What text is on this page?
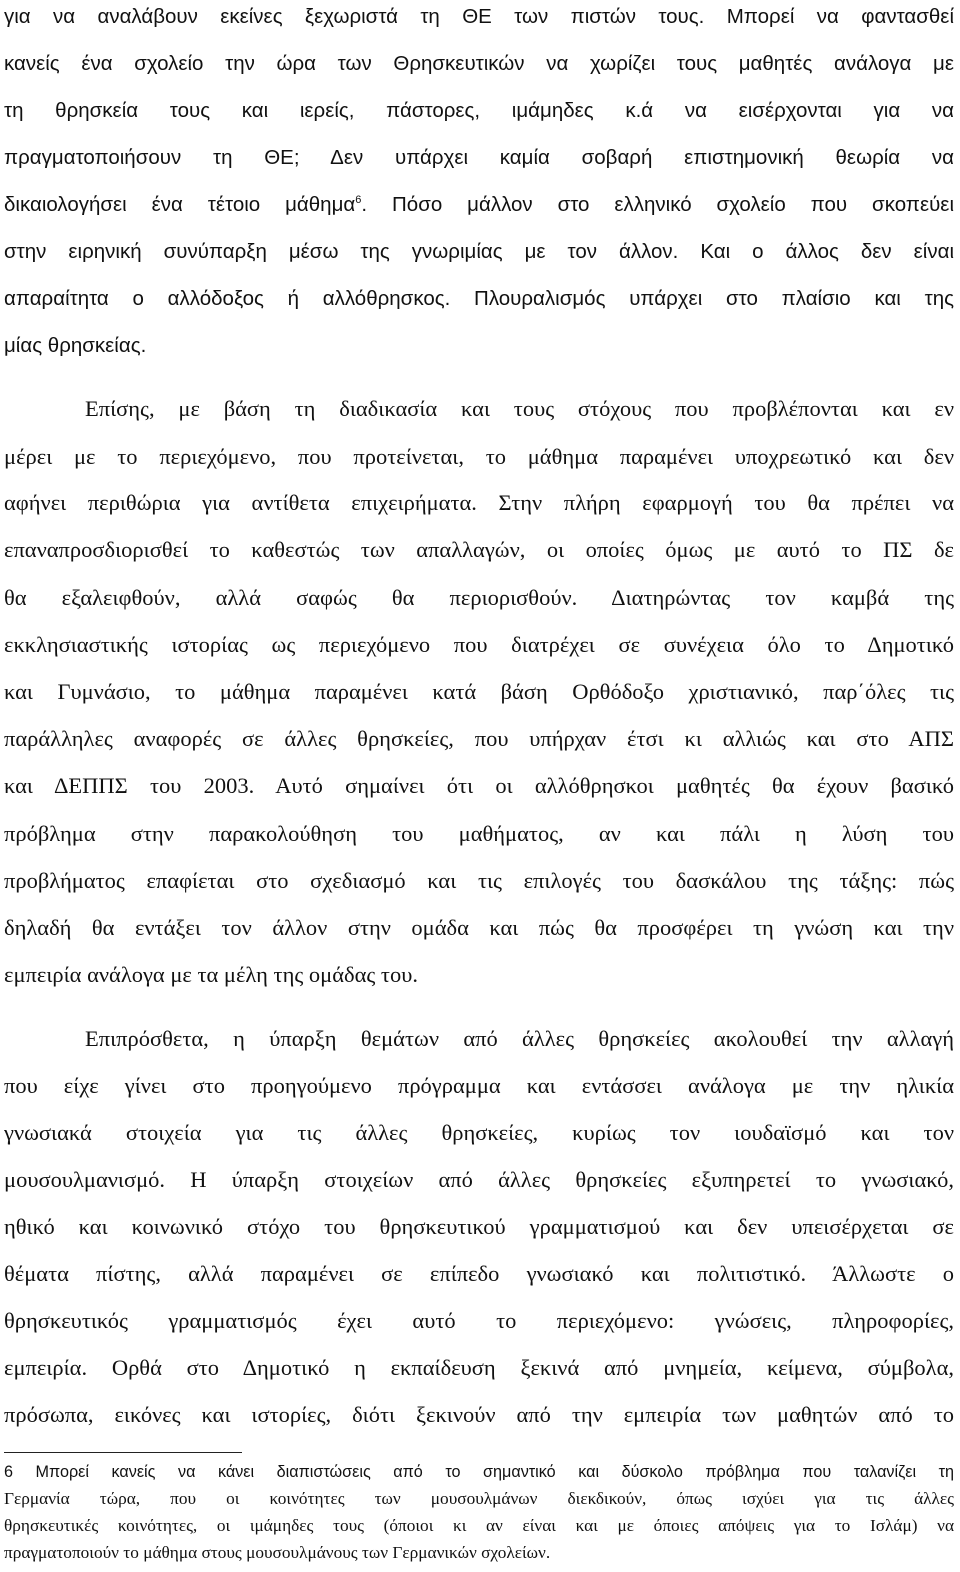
για να αναλάβουν εκείνες ξεχωριστά τη ΘΕ των πιστών τους. Μπορεί να φαντασθεί
κανείς ένα σχολείο την ώρα των Θρησκευτικών να χωρίζει τους μαθητές ανάλογα με
τη θρησκεία τους και ιερείς, πάστορες, ιμάμηδες κ.ά να εισέρχονται για να
πραγματοποιήσουν τη ΘΕ; Δεν υπάρχει καμία σοβαρή επιστημονική θεωρία να
δικαιολογήσει ένα τέτοιο μάθημα$^6$. Πόσο μάλλον στο ελληνικό σχολείο που σκοπεύει
στην ειρηνική συνύπαρξη μέσω της γνωριμίας με τον άλλον. Και ο άλλος δεν είναι
απαραίτητα ο αλλόδοξος ή αλλόθρησκος. Πλουραλισμός υπάρχει στο πλαίσιο και της
μίας θρησκείας.
Επίσης, με βάση τη διαδικασία και τους στόχους που προβλέπονται και εν
μέρει με το περιεχόμενο, που προτείνεται, το μάθημα παραμένει υποχρεωτικό και δεν
αφήνει περιθώρια για αντίθετα επιχειρήματα. Στην πλήρη εφαρμογή του θα πρέπει να
επαναπροσδιορισθεί το καθεστώς των απαλλαγών, οι οποίες όμως με αυτό το ΠΣ δε
θα εξαλειφθούν, αλλά σαφώς θα περιορισθούν. Διατηρώντας τον καμβά της
εκκλησιαστικής ιστορίας ως περιεχόμενο που διατρέχει σε συνέχεια όλο το Δημοτικό
και Γυμνάσιο, το μάθημα παραμένει κατά βάση Ορθόδοξο χριστιανικό, παρ΄όλες τις
παράλληλες αναφορές σε άλλες θρησκείες, που υπήρχαν έτσι κι αλλιώς και στο ΑΠΣ
και ΔΕΠΠΣ του 2003. Αυτό σημαίνει ότι οι αλλόθρησκοι μαθητές θα έχουν βασικό
πρόβλημα στην παρακολούθηση του μαθήματος, αν και πάλι η λύση του
προβλήματος επαφίεται στο σχεδιασμό και τις επιλογές του δασκάλου της τάξης: πώς
δηλαδή θα εντάξει τον άλλον στην ομάδα και πώς θα προσφέρει τη γνώση και την
εμπειρία ανάλογα με τα μέλη της ομάδας του.
Επιπρόσθετα, η ύπαρξη θεμάτων από άλλες θρησκείες ακολουθεί την αλλαγή
που είχε γίνει στο προηγούμενο πρόγραμμα και εντάσσει ανάλογα με την ηλικία
γνωσιακά στοιχεία για τις άλλες θρησκείες, κυρίως τον ιουδαϊσμό και τον
μουσουλμανισμό. Η ύπαρξη στοιχείων από άλλες θρησκείες εξυπηρετεί το γνωσιακό,
ηθικό και κοινωνικό στόχο του θρησκευτικού γραμματισμού και δεν υπεισέρχεται σε
θέματα πίστης, αλλά παραμένει σε επίπεδο γνωσιακό και πολιτιστικό. Άλλωστε ο
θρησκευτικός γραμματισμός έχει αυτό το περιεχόμενο: γνώσεις, πληροφορίες,
εμπειρία. Ορθά στο Δημοτικό η εκπαίδευση ξεκινά από μνημεία, κείμενα, σύμβολα,
πρόσωπα, εικόνες και ιστορίες, διότι ξεκινούν από την εμπειρία των μαθητών από το
6 Μπορεί κανείς να κάνει διαπιστώσεις από το σημαντικό και δύσκολο πρόβλημα που ταλανίζει τη
Γερμανία τώρα, που οι κοινότητες των μουσουλμάνων διεκδικούν, όπως ισχύει για τις άλλες
θρησκευτικές κοινότητες, οι ιμάμηδες τους (όποιοι κι αν είναι και με όποιες απόψεις για το Ισλάμ) να
πραγματοποιούν το μάθημα στους μουσουλμάνους των Γερμανικών σχολείων.
